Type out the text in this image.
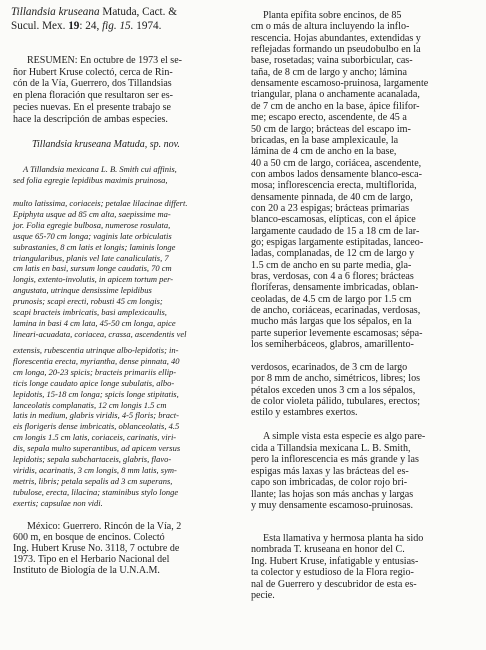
Tillandsia kruseana Matuda, Cact. &
Sucul. Mex. 19: 24, fig. 15. 1974.
RESUMEN: En octubre de 1973 el se-
ñor Hubert Kruse colectó, cerca de Rin-
cón de la Vía, Guerrero, dos Tillandsias
en plena floración que resultaron ser es-
pecies nuevas. En el presente trabajo se
hace la descripción de ambas especies.
Tillandsia kruseana Matuda, sp. nov.
A Tillandsia mexicana L. B. Smith cui affinis,
sed folia egregie lepidibus maximis pruinosa,
multo latissima, coriaceis; petalae lilacinae differt.
Epiphyta usque ad 85 cm alta, saepissime ma-
jor. Folia egregie bulbosa, numerose rosulata,
usque 65-70 cm longa; vaginis late orbiculatis
subrastanies, 8 cm latis et longis; laminis longe
triangularibus, planis vel late canaliculatis, 7
cm latis en basi, sursum longe caudatis, 70 cm
longis, extento-involutis, in apicem tortum per-
angustata, utrinque densissime lepidibus
prunosis; scapi erecti, robusti 45 cm longis;
scapi bracteis imbricatis, basi amplexicaulis,
lamina in basi 4 cm lata, 45-50 cm longa, apice
lineari-acuadata, coriacea, crassa, ascendentis vel
extensis, rubescentia utrinque albo-lepidotis; in-
florescentia erecta, myriantha, dense pinnata, 40
cm longa, 20-23 spicis; bracteis primariis ellip-
ticis longe caudato apice longe subulatis, albo-
lepidotis, 15-18 cm longa; spicis longe stipitatis,
lanceolatis complanatis, 12 cm longis 1.5 cm
latis in medium, glabris viridis, 4-5 floris; bract-
eis florigeris dense imbricatis, oblanceolatis, 4.5
cm longis 1.5 cm latis, coriaceis, carinatis, viri-
dis, sepala multo superantibus, ad apicem versus
lepidotis; sepala subchartaceis, glabris, flavo-
viridis, acarinatis, 3 cm longis, 8 mm latis, sym-
metris, libris; petala sepalis ad 3 cm superans,
tubulose, erecta, lilacina; staminibus stylo longe
exertis; capsulae non vidi.
México: Guerrero. Rincón de la Vía, 2
600 m, en bosque de encinos. Colectó
Ing. Hubert Kruse No. 3118, 7 octubre de
1973. Tipo en el Herbario Nacional del
Instituto de Biología de la U.N.A.M.
Planta epífita sobre encinos, de 85
cm o más de altura incluyendo la inflo-
rescencia. Hojas abundantes, extendidas y
reflejadas formando un pseudobulbo en la
base, rosetadas; vaina suborbicular, cas-
taña, de 8 cm de largo y ancho; lámina
densamente escamoso-pruinosa, largamente
triangular, plana o anchamente acanalada,
de 7 cm de ancho en la base, ápice filifor-
me; escapo erecto, ascendente, de 45 a
50 cm de largo; brácteas del escapo im-
bricadas, en la base amplexicaule, la
lámina de 4 cm de ancho en la base,
40 a 50 cm de largo, coriácea, ascendente,
con ambos lados densamente blanco-esca-
mosa; inflorescencia erecta, multiflorida,
densamente pinnada, de 40 cm de largo,
con 20 a 23 espigas; brácteas primarias
blanco-escamosas, elípticas, con el ápice
largamente caudado de 15 a 18 cm de lar-
go; espigas largamente estipitadas, lanceo-
ladas, complanadas, de 12 cm de largo y
1.5 cm de ancho en su parte media, gla-
bras, verdosas, con 4 a 6 flores; brácteas
floríferas, densamente imbricadas, oblan-
ceoladas, de 4.5 cm de largo por 1.5 cm
de ancho, coriáceas, ecarinadas, verdosas,
mucho más largas que los sépalos, en la
parte superior levemente escamosas; sépa-
los semiherbáceos, glabros, amarillento-
verdosos, ecarinados, de 3 cm de largo
por 8 mm de ancho, simétricos, libres; los
pétalos exceden unos 3 cm a los sépalos,
de color violeta pálido, tubulares, erectos;
estilo y estambres exertos.
A simple vista esta especie es algo pare-
cida a Tillandsia mexicana L. B. Smith,
pero la inflorescencia es más grande y las
espigas más laxas y las brácteas del es-
capo son imbricadas, de color rojo bri-
llante; las hojas son más anchas y largas
y muy densamente escamoso-pruinosas.
Esta llamativa y hermosa planta ha sido
nombrada T. kruseana en honor del C.
Ing. Hubert Kruse, infatigable y entusias-
ta colector y estudioso de la Flora regio-
nal de Guerrero y descubridor de esta es-
pecie.
